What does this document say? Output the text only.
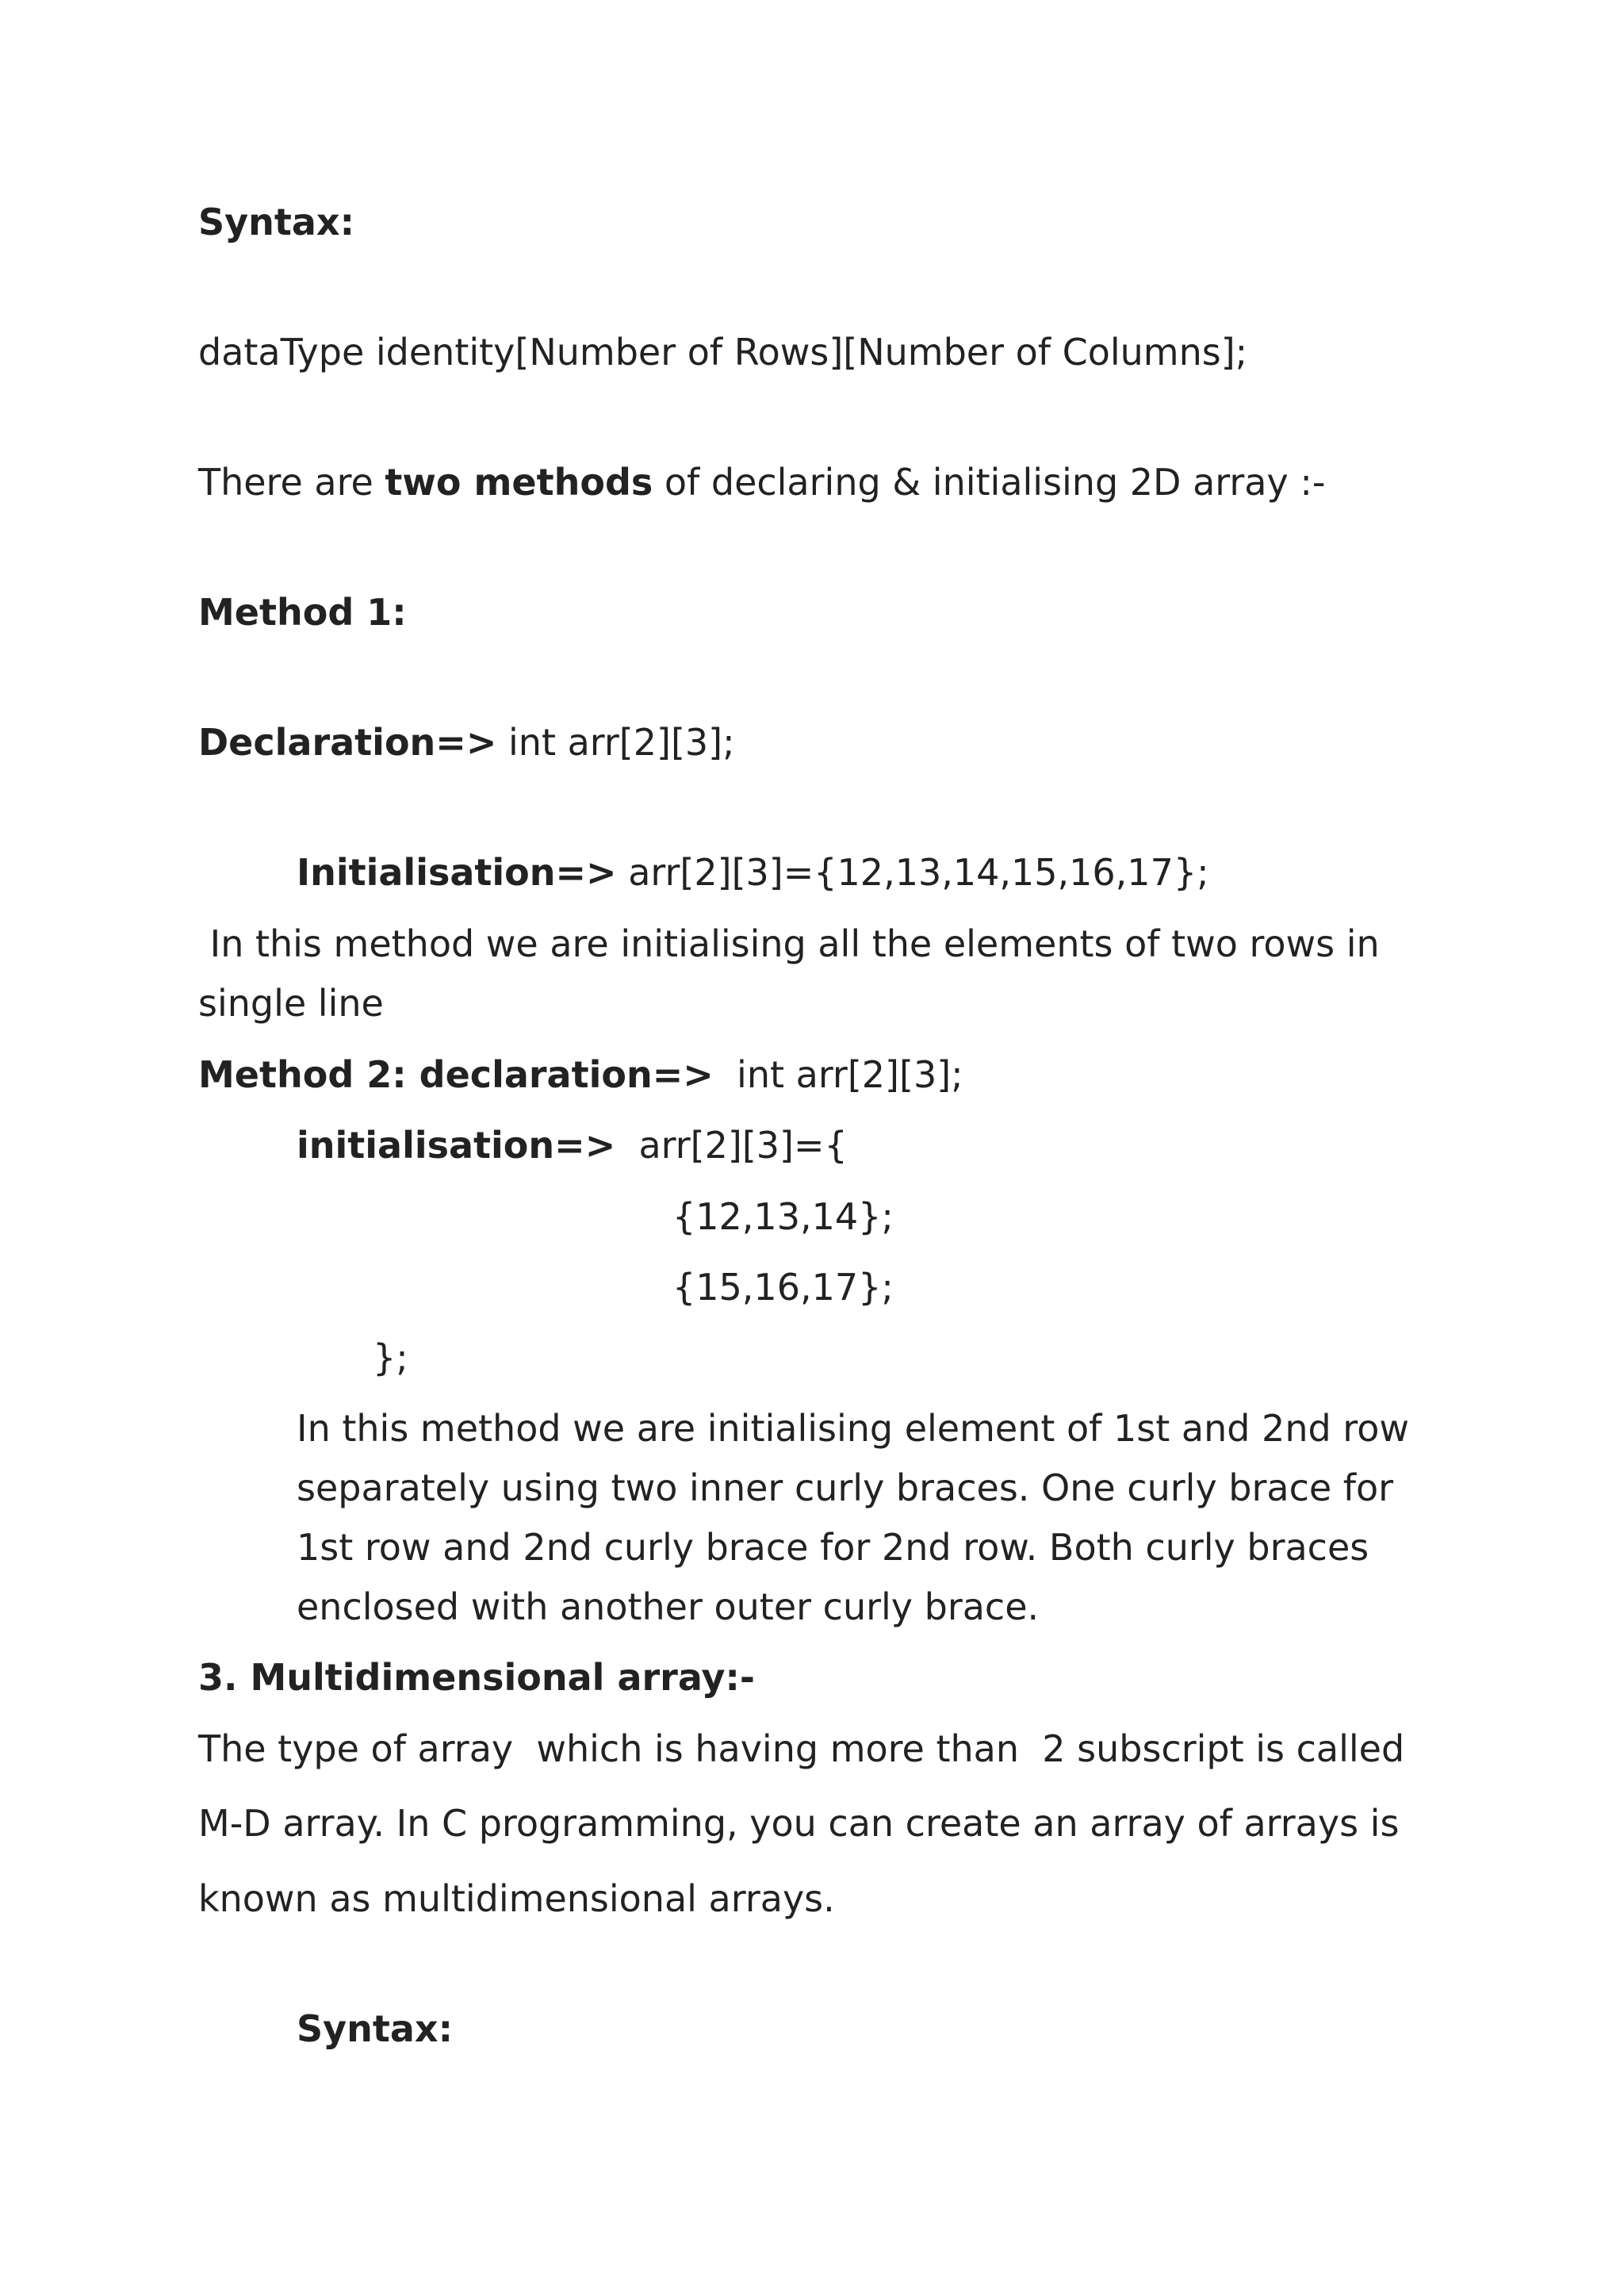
Syntax:
dataType identity[Number of Rows][Number of Columns];
There are two methods of declaring & initialising 2D array :-
Method 1:
Declaration=> int arr[2][3];
Initialisation=> arr[2][3]={12,13,14,15,16,17};
In this method we are initialising all the elements of two rows in
single line
Method 2: declaration=>  int arr[2][3];
initialisation=>  arr[2][3]={
{12,13,14};
{15,16,17};
};
In this method we are initialising element of 1st and 2nd row
separately using two inner curly braces. One curly brace for
1st row and 2nd curly brace for 2nd row. Both curly braces
enclosed with another outer curly brace.
3. Multidimensional array:-
The type of array  which is having more than  2 subscript is called
M-D array. In C programming, you can create an array of arrays is
known as multidimensional arrays.
Syntax:
